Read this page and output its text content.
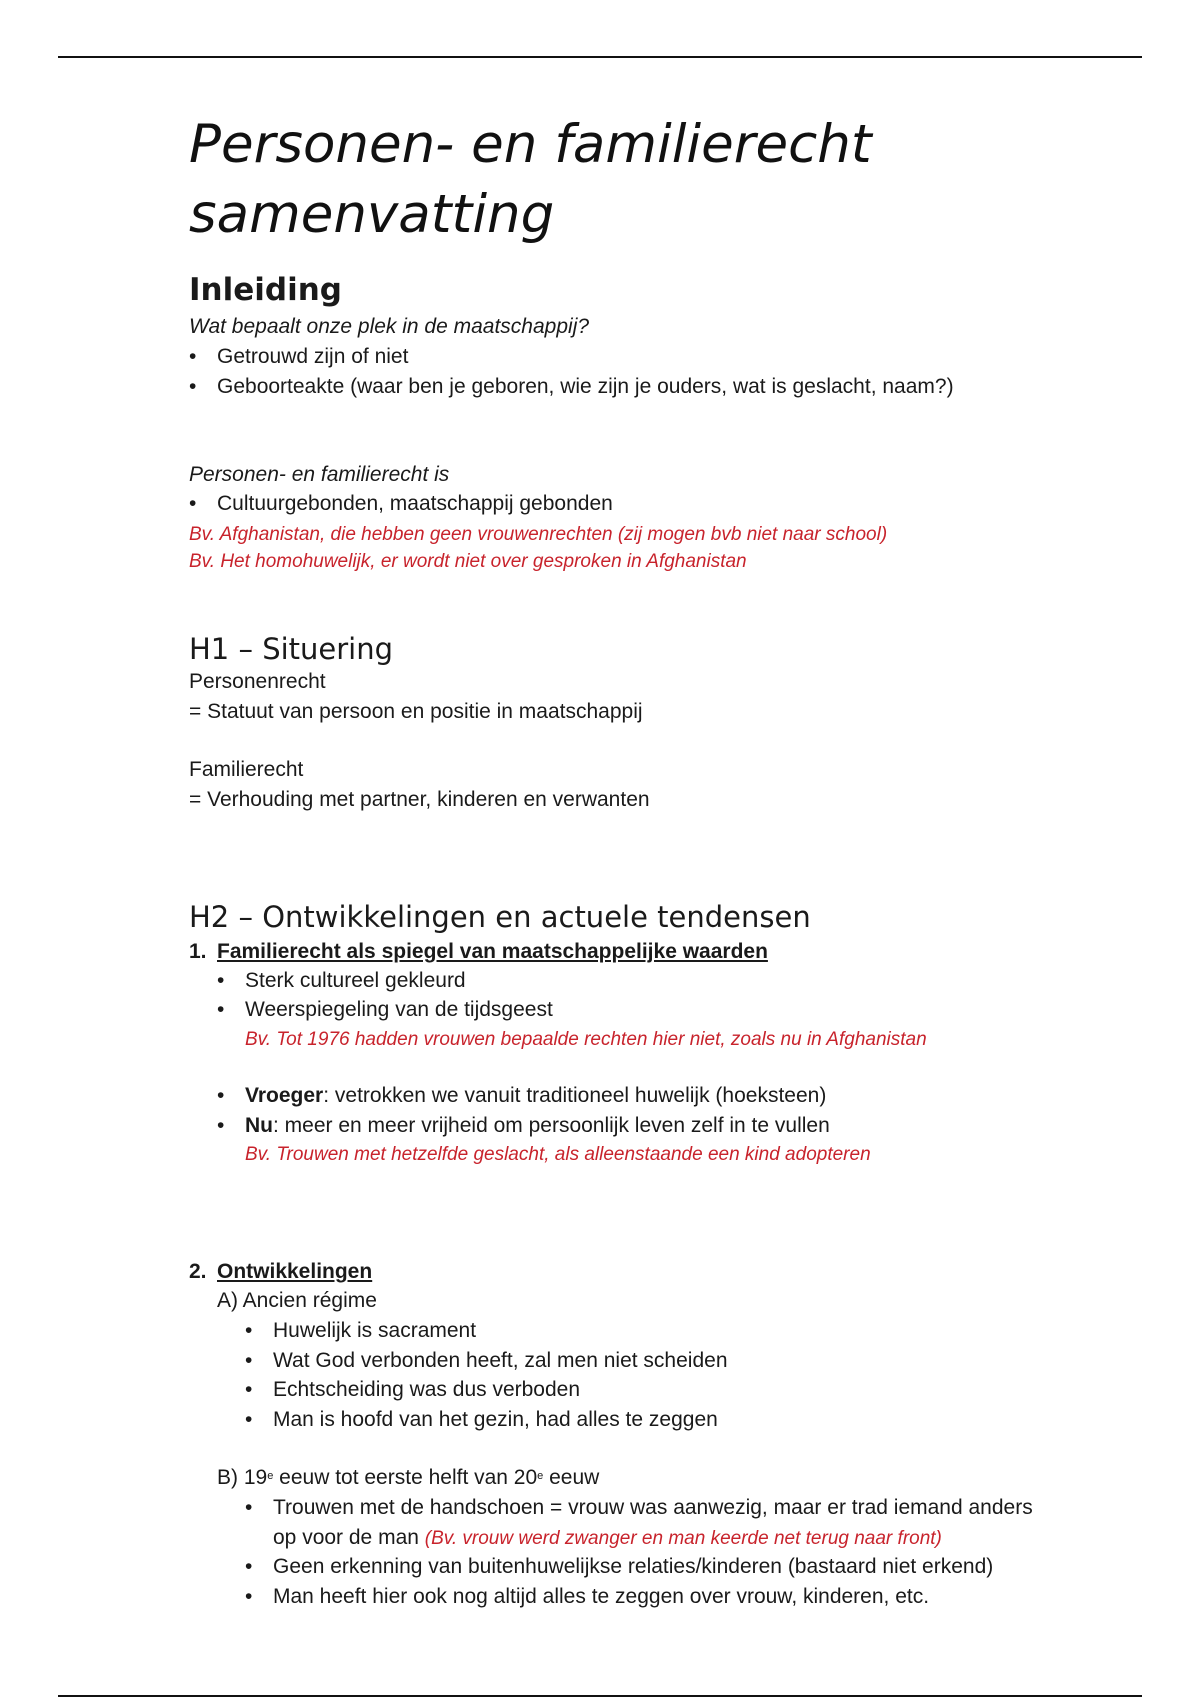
Personen- en familierecht
samenvatting
Inleiding
Wat bepaalt onze plek in de maatschappij?
• Getrouwd zijn of niet
• Geboorteakte (waar ben je geboren, wie zijn je ouders, wat is geslacht, naam?)
Personen- en familierecht is
• Cultuurgebonden, maatschappij gebonden
Bv. Afghanistan, die hebben geen vrouwenrechten (zij mogen bvb niet naar school)
Bv. Het homohuwelijk, er wordt niet over gesproken in Afghanistan
H1 – Situering
Personenrecht
= Statuut van persoon en positie in maatschappij
Familierecht
= Verhouding met partner, kinderen en verwanten
H2 – Ontwikkelingen en actuele tendensen
1. Familierecht als spiegel van maatschappelijke waarden
• Sterk cultureel gekleurd
• Weerspiegeling van de tijdsgeest
Bv. Tot 1976 hadden vrouwen bepaalde rechten hier niet, zoals nu in Afghanistan
• Vroeger: vetrokken we vanuit traditioneel huwelijk (hoeksteen)
• Nu: meer en meer vrijheid om persoonlijk leven zelf in te vullen
Bv. Trouwen met hetzelfde geslacht, als alleenstaande een kind adopteren
2. Ontwikkelingen
A) Ancien régime
• Huwelijk is sacrament
• Wat God verbonden heeft, zal men niet scheiden
• Echtscheiding was dus verboden
• Man is hoofd van het gezin, had alles te zeggen
B) 19e eeuw tot eerste helft van 20e eeuw
• Trouwen met de handschoen = vrouw was aanwezig, maar er trad iemand anders
op voor de man (Bv. vrouw werd zwanger en man keerde net terug naar front)
• Geen erkenning van buitenhuwelijkse relaties/kinderen (bastaard niet erkend)
• Man heeft hier ook nog altijd alles te zeggen over vrouw, kinderen, etc.
